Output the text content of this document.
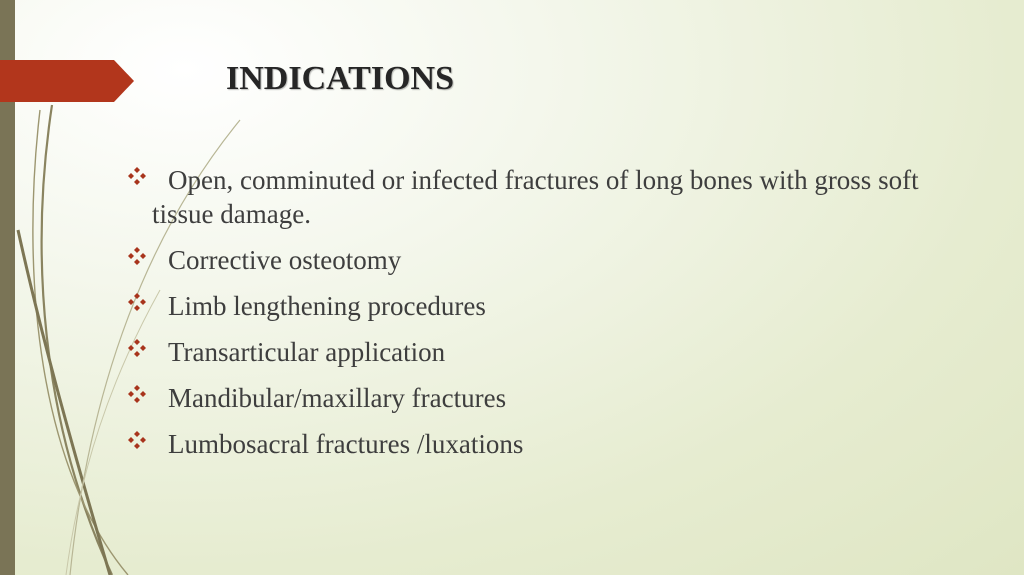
INDICATIONS
Open, comminuted or infected fractures of long bones with gross soft
tissue damage.
Corrective osteotomy
Limb lengthening procedures
Transarticular application
Mandibular/maxillary fractures
Lumbosacral fractures /luxations
